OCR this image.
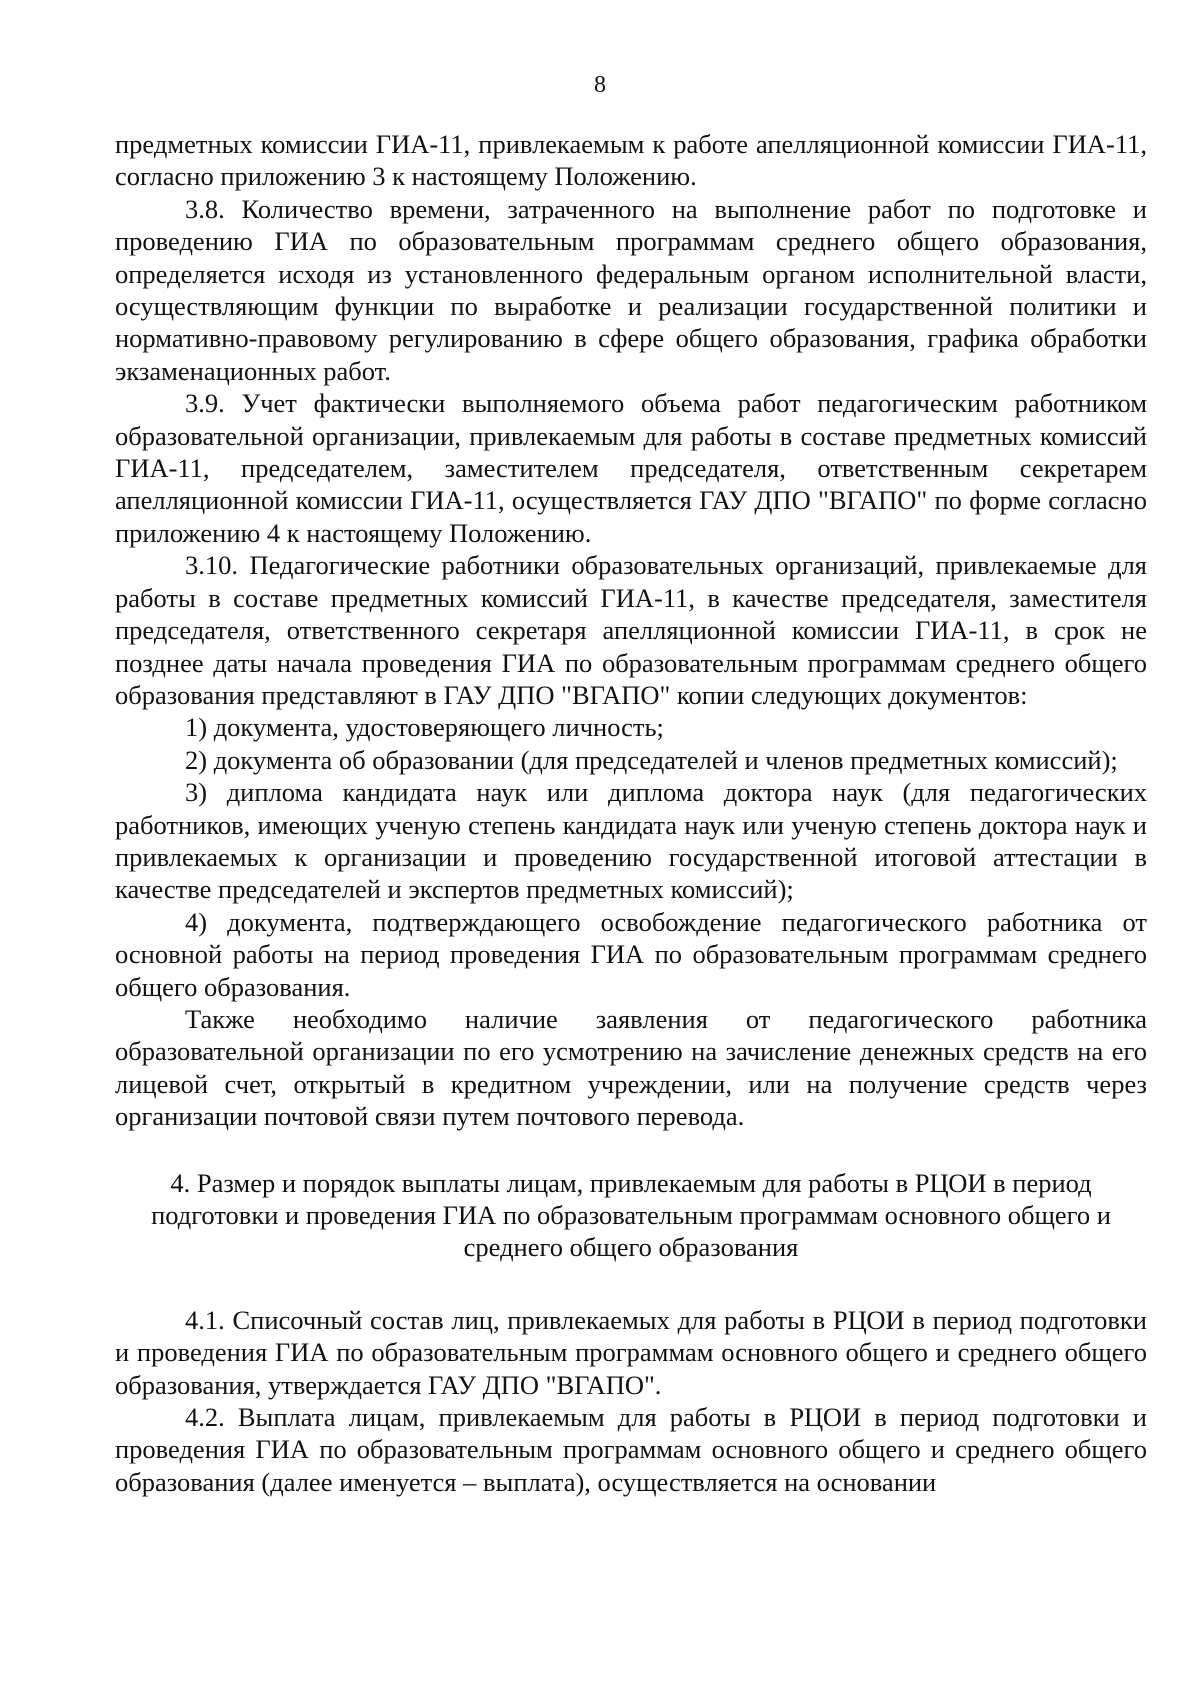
8

предметных комиссии ГИА-11, привлекаемым к работе апелляционной комиссии ГИА-11, согласно приложению 3 к настоящему Положению.

3.8. Количество времени, затраченного на выполнение работ по подготовке и проведению ГИА по образовательным программам среднего общего образования, определяется исходя из установленного федеральным органом исполнительной власти, осуществляющим функции по выработке и реализации государственной политики и нормативно-правовому регулированию в сфере общего образования, графика обработки экзаменационных работ.

3.9. Учет фактически выполняемого объема работ педагогическим работником образовательной организации, привлекаемым для работы в составе предметных комиссий ГИА-11, председателем, заместителем председателя, ответственным секретарем апелляционной комиссии ГИА-11, осуществляется ГАУ ДПО "ВГАПО" по форме согласно приложению 4 к настоящему Положению.

3.10. Педагогические работники образовательных организаций, привлекаемые для работы в составе предметных комиссий ГИА-11, в качестве председателя, заместителя председателя, ответственного секретаря апелляционной комиссии ГИА-11, в срок не позднее даты начала проведения ГИА по образовательным программам среднего общего образования представляют в ГАУ ДПО "ВГАПО" копии следующих документов:

1) документа, удостоверяющего личность;

2) документа об образовании (для председателей и членов предметных комиссий);

3) диплома кандидата наук или диплома доктора наук (для педагогических работников, имеющих ученую степень кандидата наук или ученую степень доктора наук и привлекаемых к организации и проведению государственной итоговой аттестации в качестве председателей и экспертов предметных комиссий);

4) документа, подтверждающего освобождение педагогического работника от основной работы на период проведения ГИА по образовательным программам среднего общего образования.

Также необходимо наличие заявления от педагогического работника образовательной организации по его усмотрению на зачисление денежных средств на его лицевой счет, открытый в кредитном учреждении, или на получение средств через организации почтовой связи путем почтового перевода.

4. Размер и порядок выплаты лицам, привлекаемым для работы в РЦОИ в период подготовки и проведения ГИА по образовательным программам основного общего и среднего общего образования

4.1. Списочный состав лиц, привлекаемых для работы в РЦОИ в период подготовки и проведения ГИА по образовательным программам основного общего и среднего общего образования, утверждается ГАУ ДПО "ВГАПО".

4.2. Выплата лицам, привлекаемым для работы в РЦОИ в период подготовки и проведения ГИА по образовательным программам основного общего и среднего общего образования (далее именуется – выплата), осуществляется на основании
